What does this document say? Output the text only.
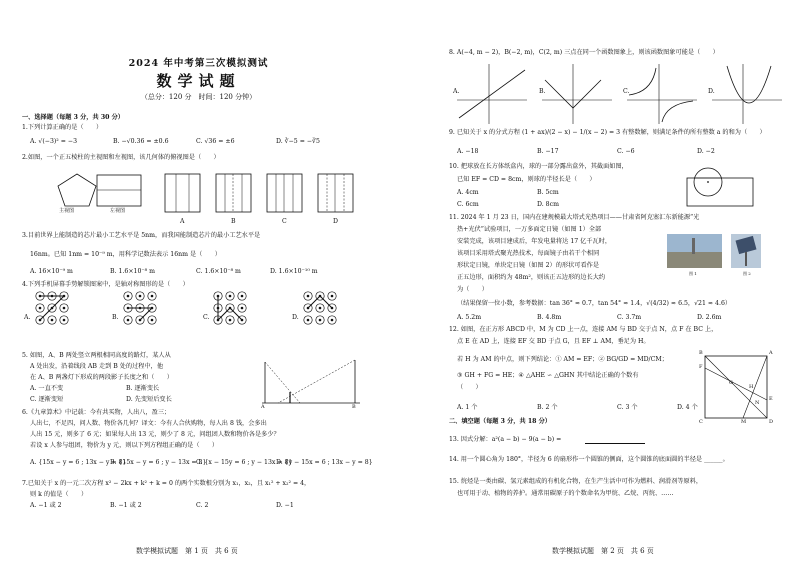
2024 年中考第三次模拟测试
数学试题
（总分：120 分　时间：120 分钟）
一、选择题（每题 3 分，共 30 分）
1.下列计算正确的是（　　）
A. √(−3)² = −3	B. −√0.36 = ±0.6	C. √36 = ±6	D. ∛−5 = −∛5
2.如图，一个正五棱柱的主视图和左视图，该几何体的俯视图是（　　）
主视图	左视图
A	B	C	D
3.目前世界上能制造的芯片最小工艺水平是 5nm，而我国能制造芯片的最小工艺水平是
16nm。已知 1nm = 10⁻⁹ m，用科学记数法表示 16nm 是（　　）
A. 16×10⁻⁹ m	B. 1.6×10⁻⁸ m	C. 1.6×10⁻⁸ m	D. 1.6×10⁻¹⁰ m
4.下列手机屏幕手势解锁图案中，是轴对称图形的是（　　）
A.	B.	C.	D.
5. 如图，A、B 两处竖立两根相同高度的路灯，某人从
A 处出发，沿着线段 AB 走到 B 处的过程中，他
在 A、B 两盏灯下形成的两段影子长度之和（　　）
A. 一直不变	B. 逐渐变长
C. 逐渐变短	D. 先变短后变长
A	B
6.《九章算术》中记载：今有共买物，人出八，盈三；
人出七，不足四，问人数、物价各几何？译文：今有人合伙购物，每人出 8 钱，会多出
人出 15 元，则多了 6 元；如果每人出 13 元，则少了 8 元，问组团人数和物价各是多少？
若设 x 人参与组团，物价为 y 元，则以下列方程组正确的是（　　）
A. {15x − y = 6 ; 13x − y = 8}
B. {15x − y = 6 ; y − 13x = 8}
C. {x − 15y = 6 ; y − 13x = 8}
D. {y − 15x = 6 ; 13x − y = 8}
7.已知关于 x 的一元二次方程 x² − 2kx + k² + k = 0 的两个实数根分别为 x₁，x₂，且 x₁² + x₂² = 4，
则 k 的值是（　　）
A. −1 或 2	B. −1 或 2	C. 2	D. −1
数学模拟试题　第 1 页　共 6 页
8. A(−4, m − 2)，B(−2, m)，C(2, m) 三点在同一个函数图象上，则该函数图象可能是（　　）
A.	B.	C.	D.
9. 已知关于 x 的分式方程 (1 + ax)/(2 − x) − 1/(x − 2) = 3 有整数解，则满足条件的所有整数 a 的和为（　　）
A. −18	B. −17	C. −6	D. −2
10. 把球放在长方体纸盒内，球的一部分露出盒外，其截面如图，
已知 EF = CD = 8cm，则球的半径长是（　　）
A. 4cm	B. 5cm
C. 6cm	D. 8cm
11. 2024 年 1 月 23 日，国内在建规模最大塔式光热项目——甘肃省阿克塞汇东新能源“光
热+光伏”试验项目，一万多面定日镜（如图 1）全部
安装完成，该项目建成后，年发电量将达 17 亿千瓦时，
该项目采用塔式聚光热技术，每面镜子由若干个相同
形状定日镜，单块定日镜（如图 2）的形状可看作是
正五边形，面积约为 48m²，则该正五边形的边长大约
为（　　）
（结果保留一位小数，参考数据：tan 36° ≈ 0.7，tan 54° ≈ 1.4，√(4/32) ≈ 6.5，√21 ≈ 4.6）
A. 5.2m	B. 4.8m	C. 3.7m	D. 2.6m
图 1	图 2
12. 如图，在正方形 ABCD 中，M 为 CD 上一点，连接 AM 与 BD 交于点 N，点 F 在 BC 上，
点 E 在 AD 上，连接 EF 交 BD 于点 G，且 EF ⊥ AM，垂足为 H。
若 H 为 AM 的中点，则下列结论：① AM = EF；② BG/GD = MD/CM；
③ GH + FG = HE；④ △AHE ∽ △GHN 其中结论正确的个数有
（　　）
A. 1 个	B. 2 个	C. 3 个	D. 4 个
B	A
C	D
E
F
G
H
M
N
二、填空题（每题 3 分，共 18 分）
13. 因式分解：a²(a − b) − 9(a − b) =
14. 用一个圆心角为 180°，半径为 6 的扇形作一个圆锥的侧面，这个圆锥的底面圆的半径是 ______。
15. 烷烃是一类由碳、氢元素组成的有机化合物，在生产生活中可作为燃料、润滑剂等原料，
也可用于动、植物的养护。通常用碳原子的个数命名为甲烷、乙烷、丙烷、……
数学模拟试题　第 2 页　共 6 页
